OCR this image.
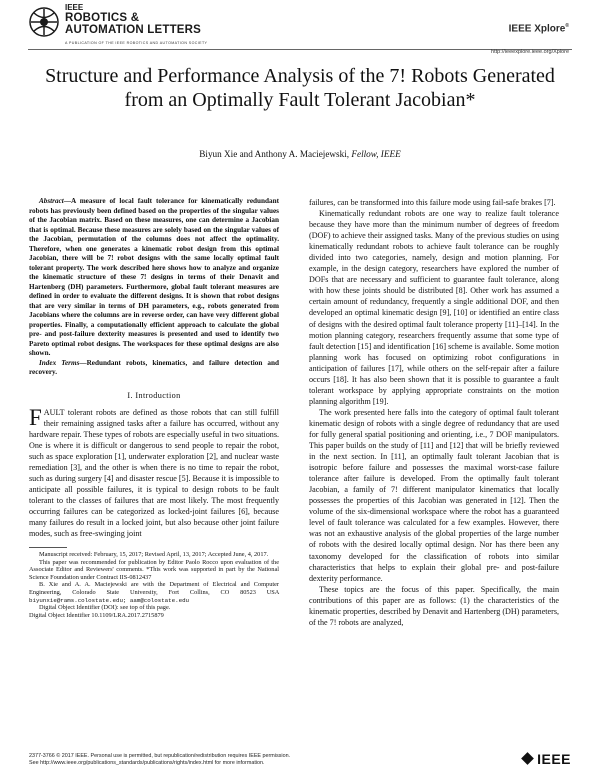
IEEE
ROBOTICS &
AUTOMATION LETTERS
A PUBLICATION OF THE IEEE ROBOTICS AND AUTOMATION SOCIETY
IEEE Xplore®
http://ieeexplore.ieee.org/Xplore
Structure and Performance Analysis of the 7! Robots Generated from an Optimally Fault Tolerant Jacobian*
Biyun Xie and Anthony A. Maciejewski, Fellow, IEEE

Abstract—A measure of local fault tolerance for kinematically redundant robots has previously been defined based on the properties of the singular values of the Jacobian matrix. Based on these measures, one can determine a Jacobian that is optimal. Because these measures are solely based on the singular values of the Jacobian, permutation of the columns does not affect the optimality. Therefore, when one generates a kinematic robot design from this optimal Jacobian, there will be 7! robot designs with the same locally optimal fault tolerant property. The work described here shows how to analyze and organize the kinematic structure of these 7! designs in terms of their Denavit and Hartenberg (DH) parameters. Furthermore, global fault tolerant measures are defined in order to evaluate the different designs. It is shown that robot designs that are very similar in terms of DH parameters, e.g., robots generated from Jacobians where the columns are in reverse order, can have very different global properties. Finally, a computationally efficient approach to calculate the global pre- and post-failure dexterity measures is presented and used to identify two Pareto optimal robot designs. The workspaces for these optimal designs are also shown.

Index Terms—Redundant robots, kinematics, and failure detection and recovery.

I. Introduction

FAULT tolerant robots are defined as those robots that can still fulfill their remaining assigned tasks after a failure has occurred, without any hardware repair. These types of robots are especially useful in two situations. One is where it is difficult or dangerous to send people to repair the robot, such as space exploration [1], underwater exploration [2], and nuclear waste remediation [3], and the other is when there is no time to repair the robot, such as during surgery [4] and disaster rescue [5]. Because it is impossible to anticipate all possible failures, it is typical to design robots to be fault tolerant to the classes of failures that are most likely. The most frequently occurring failures can be categorized as locked-joint failures [6], because many failures do result in a locked joint, but also because other joint failure modes, such as free-swinging joint

Manuscript received: February, 15, 2017; Revised April, 13, 2017; Accepted June, 4, 2017.

This paper was recommended for publication by Editor Paolo Rocco upon evaluation of the Associate Editor and Reviewers' comments. *This work was supported in part by the National Science Foundation under Contract IIS-0812437

B. Xie and A. A. Maciejewski are with the Department of Electrical and Computer Engineering, Colorado State University, Fort Collins, CO 80523 USA biyunxie@rams.colostate.edu; aam@colostate.edu

Digital Object Identifier (DOI): see top of this page.

Digital Object Identifier 10.1109/LRA.2017.2715879

failures, can be transformed into this failure mode using fail-safe brakes [7].

Kinematically redundant robots are one way to realize fault tolerance because they have more than the minimum number of degrees of freedom (DOF) to achieve their assigned tasks. Many of the previous studies on using kinematically redundant robots to achieve fault tolerance can be roughly divided into two categories, namely, design and motion planning. For example, in the design category, researchers have explored the number of DOFs that are necessary and sufficient to guarantee fault tolerance, along with how these joints should be distributed [8]. Other work has assumed a certain amount of redundancy, frequently a single additional DOF, and then developed an optimal kinematic design [9], [10] or identified an entire class of designs with the desired optimal fault tolerance property [11]–[14]. In the motion planning category, researchers frequently assume that some type of fault detection [15] and identification [16] scheme is available. Some motion planning work has focused on optimizing robot configurations in anticipation of failures [17], while others on the self-repair after a failure occurs [18]. It has also been shown that it is possible to guarantee a fault tolerant workspace by applying appropriate constraints on the motion planning algorithm [19].

The work presented here falls into the category of optimal fault tolerant kinematic design of robots with a single degree of redundancy that are used for fully general spatial positioning and orienting, i.e., 7 DOF manipulators. This paper builds on the study of [11] and [12] that will be briefly reviewed in the next section. In [11], an optimally fault tolerant Jacobian that is isotropic before failure and possesses the maximal worst-case failure tolerance after failure is developed. From the optimally fault tolerant Jacobian, a family of 7! different manipulator kinematics that locally possesses the properties of this Jacobian was generated in [12]. Then the volume of the six-dimensional workspace where the robot has a guaranteed level of fault tolerance was calculated for a few examples. However, there was not an exhaustive analysis of the global properties of the large number of robots with the desired locally optimal design. Nor has there been any taxonomy developed for the classification of robots into similar characteristics that helps to explain their global pre- and post-failure dexterity performance.

These topics are the focus of this paper. Specifically, the main contributions of this paper are as follows: (1) the characteristics of the kinematic properties, described by Denavit and Hartenberg (DH) parameters, of the 7! robots are analyzed,

2377-3766 © 2017 IEEE. Personal use is permitted, but republication/redistribution requires IEEE permission.
See http://www.ieee.org/publications_standards/publications/rights/index.html for more information.	IEEE
